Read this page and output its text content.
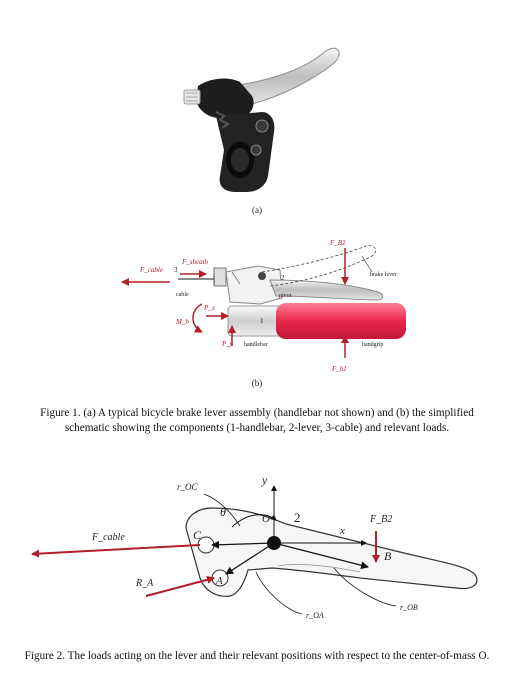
(a)
F_cable 3
F_sheath
cable
2
pivot
1
brake lever
F_B2
M_b
P_x
P_y handlebar	handgrip
F_h1
(b)
r_OC	y
θ	O 2
x
F_B2
F_cable	C
B
R_A	A
r_OA
r_OB
Figure 1. (a) A typical bicycle brake lever assembly (handlebar not shown) and (b) the simplified schematic showing the components (1-handlebar, 2-lever, 3-cable) and relevant loads.
Figure 2. The loads acting on the lever and their relevant positions with respect to the center-of-mass O.
